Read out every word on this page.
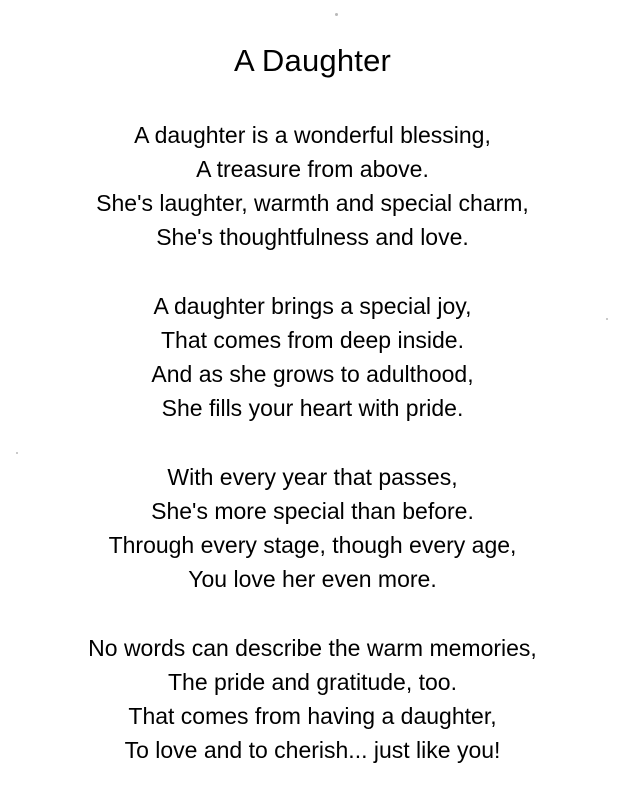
A Daughter
A daughter is a wonderful blessing,
A treasure from above.
She's laughter, warmth and special charm,
She's thoughtfulness and love.
A daughter brings a special joy,
That comes from deep inside.
And as she grows to adulthood,
She fills your heart with pride.
With every year that passes,
She's more special than before.
Through every stage, though every age,
You love her even more.
No words can describe the warm memories,
The pride and gratitude, too.
That comes from having a daughter,
To love and to cherish... just like you!
